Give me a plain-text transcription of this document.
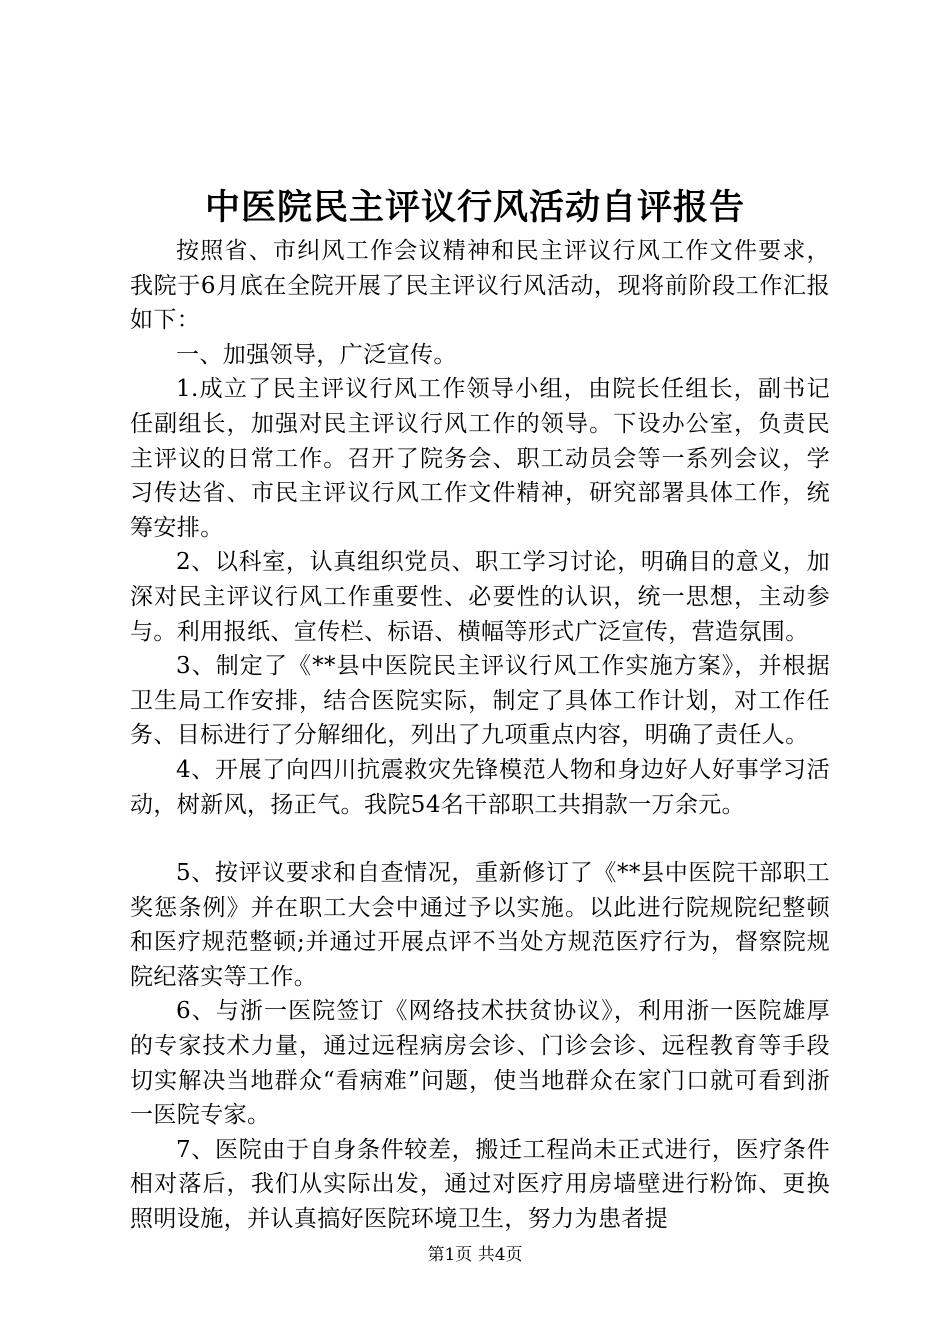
中医院民主评议行风活动自评报告

按照省、市纠风工作会议精神和民主评议行风工作文件要求，我院于6月底在全院开展了民主评议行风活动，现将前阶段工作汇报如下：

一、加强领导，广泛宣传。

1.成立了民主评议行风工作领导小组，由院长任组长，副书记任副组长，加强对民主评议行风工作的领导。下设办公室，负责民主评议的日常工作。召开了院务会、职工动员会等一系列会议，学习传达省、市民主评议行风工作文件精神，研究部署具体工作，统筹安排。

2、以科室，认真组织党员、职工学习讨论，明确目的意义，加深对民主评议行风工作重要性、必要性的认识，统一思想，主动参与。利用报纸、宣传栏、标语、横幅等形式广泛宣传，营造氛围。

3、制定了《**县中医院民主评议行风工作实施方案》，并根据卫生局工作安排，结合医院实际，制定了具体工作计划，对工作任务、目标进行了分解细化，列出了九项重点内容，明确了责任人。

4、开展了向四川抗震救灾先锋模范人物和身边好人好事学习活动，树新风，扬正气。我院54名干部职工共捐款一万余元。

5、按评议要求和自查情况，重新修订了《**县中医院干部职工奖惩条例》并在职工大会中通过予以实施。以此进行院规院纪整顿和医疗规范整顿;并通过开展点评不当处方规范医疗行为，督察院规院纪落实等工作。

6、与浙一医院签订《网络技术扶贫协议》，利用浙一医院雄厚的专家技术力量，通过远程病房会诊、门诊会诊、远程教育等手段切实解决当地群众“看病难”问题，使当地群众在家门口就可看到浙一医院专家。

7、医院由于自身条件较差，搬迁工程尚未正式进行，医疗条件相对落后，我们从实际出发，通过对医疗用房墙壁进行粉饰、更换照明设施，并认真搞好医院环境卫生，努力为患者提

第1页 共4页
